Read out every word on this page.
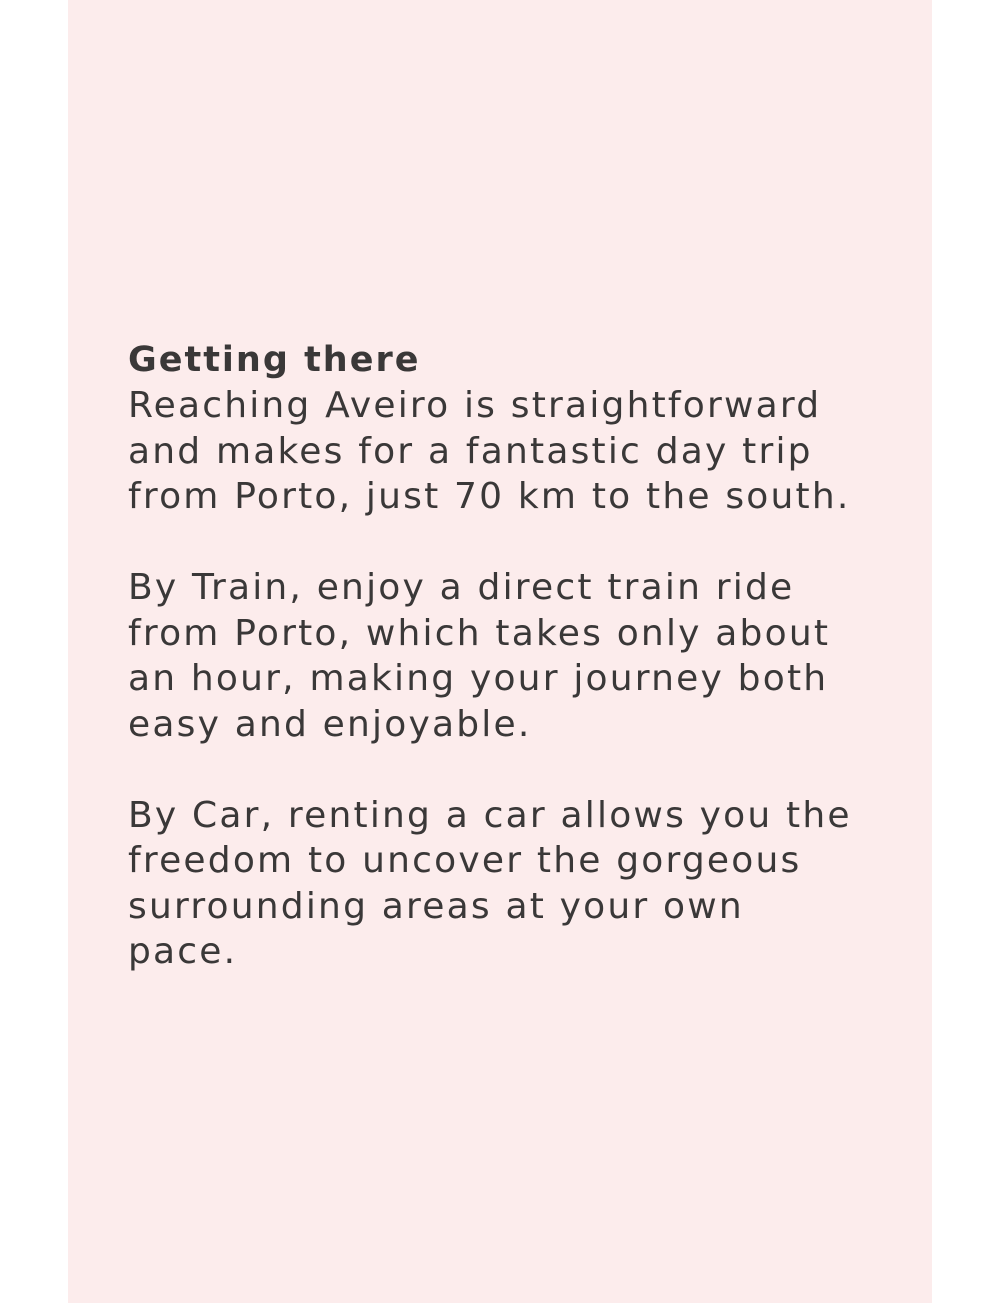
Getting there

Reaching Aveiro is straightforward
and makes for a fantastic day trip
from Porto, just 70 km to the south.

By Train, enjoy a direct train ride
from Porto, which takes only about
an hour, making your journey both
easy and enjoyable.

By Car, renting a car allows you the
freedom to uncover the gorgeous
surrounding areas at your own
pace.
